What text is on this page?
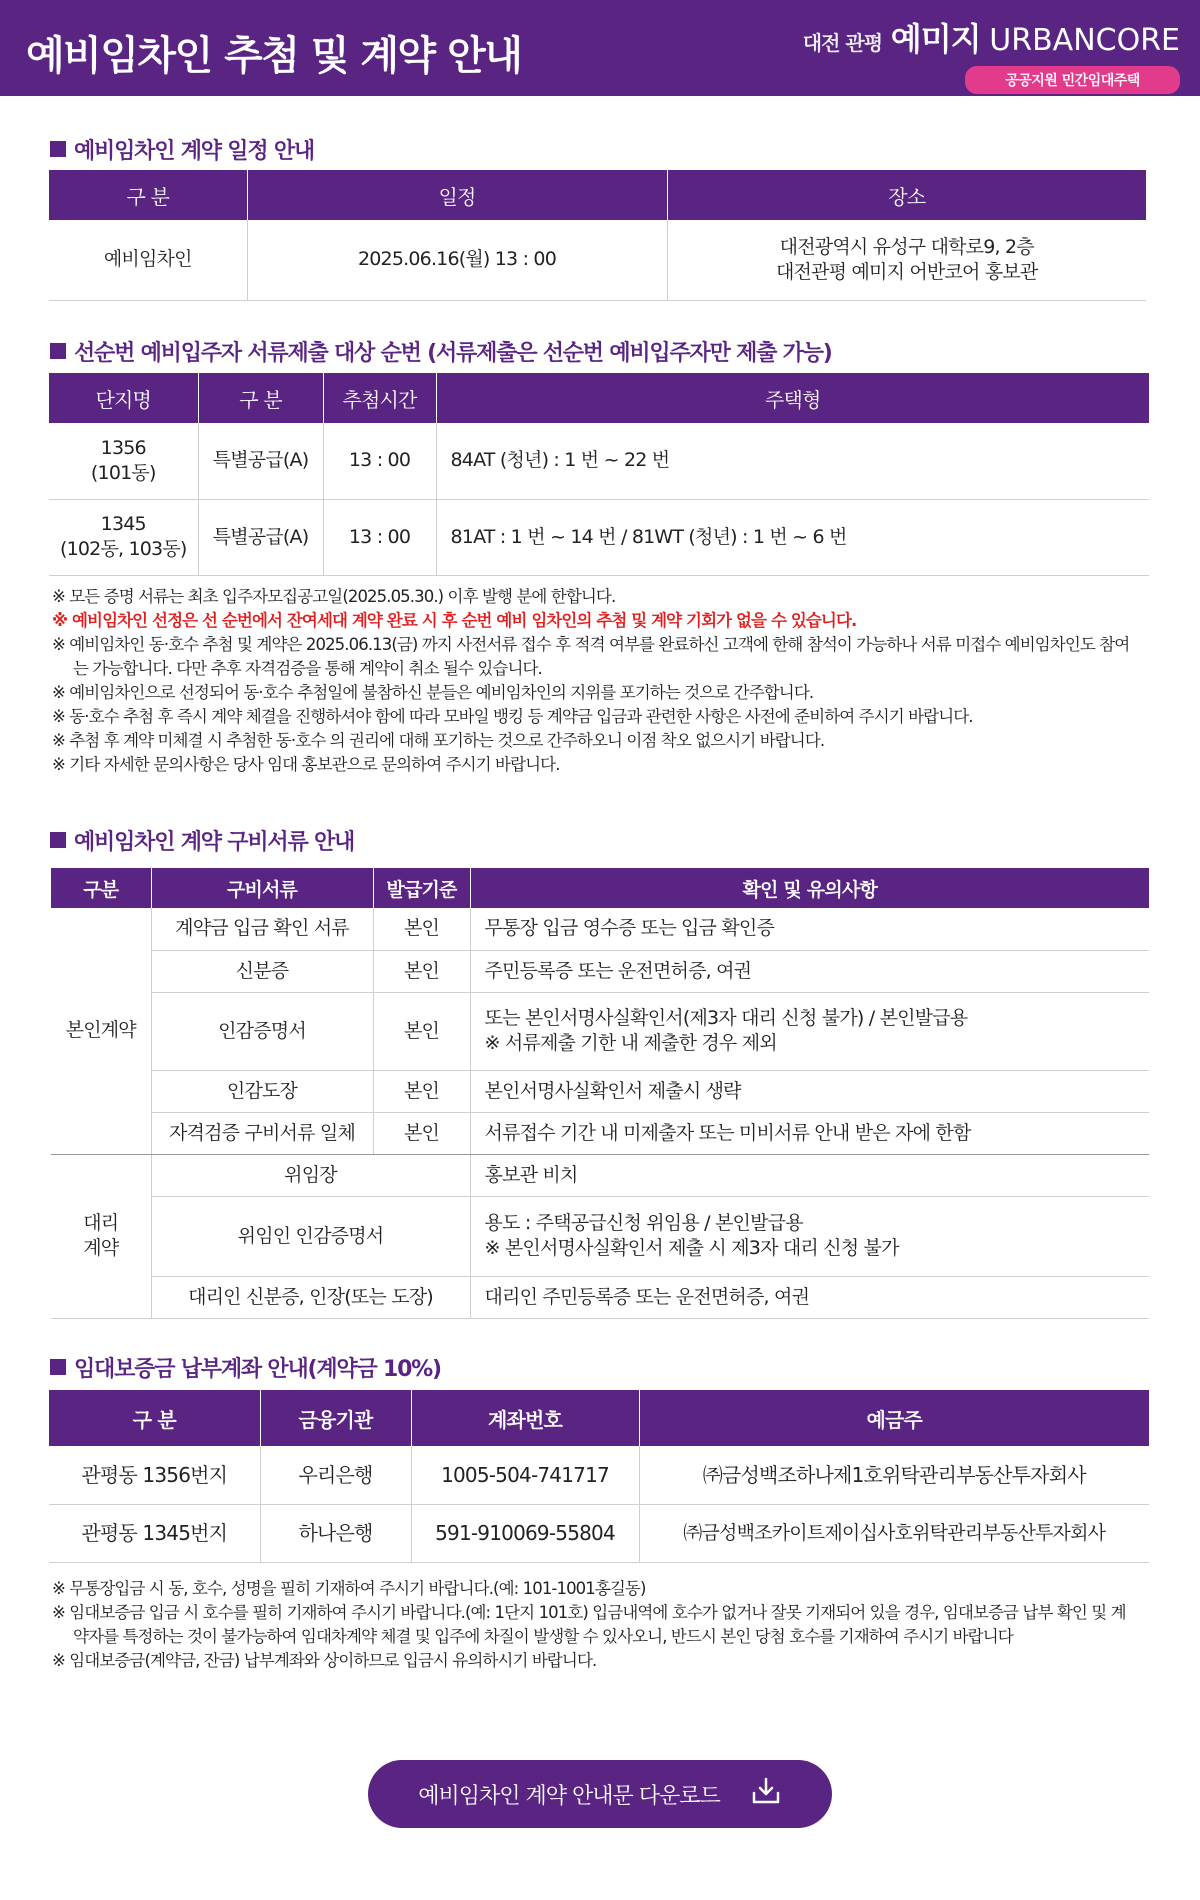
예비임차인 추첨 및 계약 안내	대전 관평 예미지 URBANCORE
공공지원 민간임대주택
예비임차인 계약 일정 안내
구 분	일정	장소
예비임차인	2025.06.16(월) 13 : 00	대전광역시 유성구 대학로9, 2층
대전관평 예미지 어반코어 홍보관
선순번 예비입주자 서류제출 대상 순번 (서류제출은 선순번 예비입주자만 제출 가능)
단지명	구 분	추첨시간	주택형

1356
(101동)	특별공급(A)	13 : 00	84AT (청년) : 1 번 ~ 22 번

1345
(102동, 103동)	특별공급(A)	13 : 00	81AT : 1 번 ~ 14 번 / 81WT (청년) : 1 번 ~ 6 번
※ 모든 증명 서류는 최초 입주자모집공고일(2025.05.30.) 이후 발행 분에 한합니다.
※ 예비임차인 선정은 선 순번에서 잔여세대 계약 완료 시 후 순번 예비 임차인의 추첨 및 계약 기회가 없을 수 있습니다.
※ 예비임차인 동·호수 추첨 및 계약은 2025.06.13(금) 까지 사전서류 접수 후 적격 여부를 완료하신 고객에 한해 참석이 가능하나 서류 미접수 예비임차인도 참여는 가능합니다. 다만 추후 자격검증을 통해 계약이 취소 될수 있습니다.
※ 예비임차인으로 선정되어 동·호수 추첨일에 불참하신 분들은 예비임차인의 지위를 포기하는 것으로 간주합니다.
※ 동·호수 추첨 후 즉시 계약 체결을 진행하셔야 함에 따라 모바일 뱅킹 등 계약금 입금과 관련한 사항은 사전에 준비하여 주시기 바랍니다.
※ 추첨 후 계약 미체결 시 추첨한 동·호수 의 권리에 대해 포기하는 것으로 간주하오니 이점 착오 없으시기 바랍니다.
※ 기타 자세한 문의사항은 당사 임대 홍보관으로 문의하여 주시기 바랍니다.
예비임차인 계약 구비서류 안내
구분	구비서류	발급기준	확인 및 유의사항
본인계약	계약금 입금 확인 서류	본인	무통장 입금 영수증 또는 입금 확인증
	신분증	본인	주민등록증 또는 운전면허증, 여권
	인감증명서	본인	또는 본인서명사실확인서(제3자 대리 신청 불가) / 본인발급용
※ 서류제출 기한 내 제출한 경우 제외

	인감도장	본인	본인서명사실확인서 제출시 생략
	자격검증 구비서류 일체	본인	서류접수 기간 내 미제출자 또는 미비서류 안내 받은 자에 한함

대리
계약	위임장		홍보관 비치
	위임인 인감증명서		용도 : 주택공급신청 위임용 / 본인발급용
※ 본인서명사실확인서 제출 시 제3자 대리 신청 불가

	대리인 신분증, 인장(또는 도장)		대리인 주민등록증 또는 운전면허증, 여권
임대보증금 납부계좌 안내(계약금 10%)
구 분	금융기관	계좌번호	예금주
관평동 1356번지	우리은행	1005-504-741717	㈜금성백조하나제1호위탁관리부동산투자회사
관평동 1345번지	하나은행	591-910069-55804	㈜금성백조카이트제이십사호위탁관리부동산투자회사
※ 무통장입금 시 동, 호수, 성명을 필히 기재하여 주시기 바랍니다.(예: 101-1001홍길동)
※ 임대보증금 입금 시 호수를 필히 기재하여 주시기 바랍니다.(예: 1단지 101호) 입금내역에 호수가 없거나 잘못 기재되어 있을 경우, 임대보증금 납부 확인 및 계약자를 특정하는 것이 불가능하여 임대차계약 체결 및 입주에 차질이 발생할 수 있사오니, 반드시 본인 당첨 호수를 기재하여 주시기 바랍니다
※ 임대보증금(계약금, 잔금) 납부계좌와 상이하므로 입금시 유의하시기 바랍니다.
예비임차인 계약 안내문 다운로드
